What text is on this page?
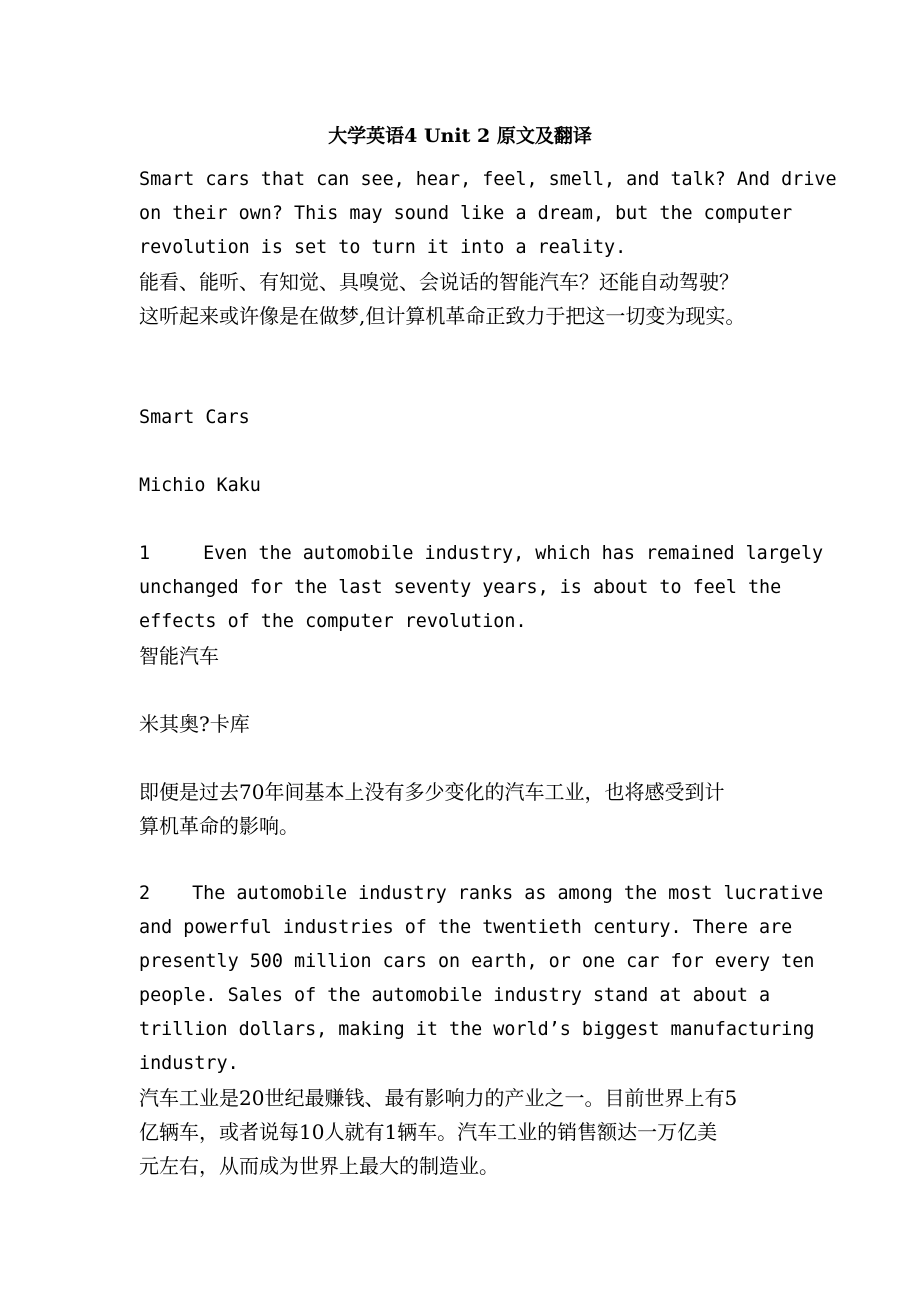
大学英语4 Unit 2 原文及翻译
Smart cars that can see, hear, feel, smell, and talk? And drive
on their own? This may sound like a dream, but the computer
revolution is set to turn it into a reality.
能看、能听、有知觉、具嗅觉、会说话的智能汽车？还能自动驾驶？
这听起来或许像是在做梦,但计算机革命正致力于把这一切变为现实。
Smart Cars
Michio Kaku
1	Even the automobile industry, which has remained largely
unchanged for the last seventy years, is about to feel the
effects of the computer revolution.
智能汽车
米其奥?卡库
即便是过去70年间基本上没有多少变化的汽车工业，也将感受到计
算机革命的影响。
2 The automobile industry ranks as among the most lucrative
and powerful industries of the twentieth century. There are
presently 500 million cars on earth, or one car for every ten
people. Sales of the automobile industry stand at about a
trillion dollars, making it the world’s biggest manufacturing
industry.
汽车工业是20世纪最赚钱、最有影响力的产业之一。目前世界上有5
亿辆车，或者说每10人就有1辆车。汽车工业的销售额达一万亿美
元左右，从而成为世界上最大的制造业。
